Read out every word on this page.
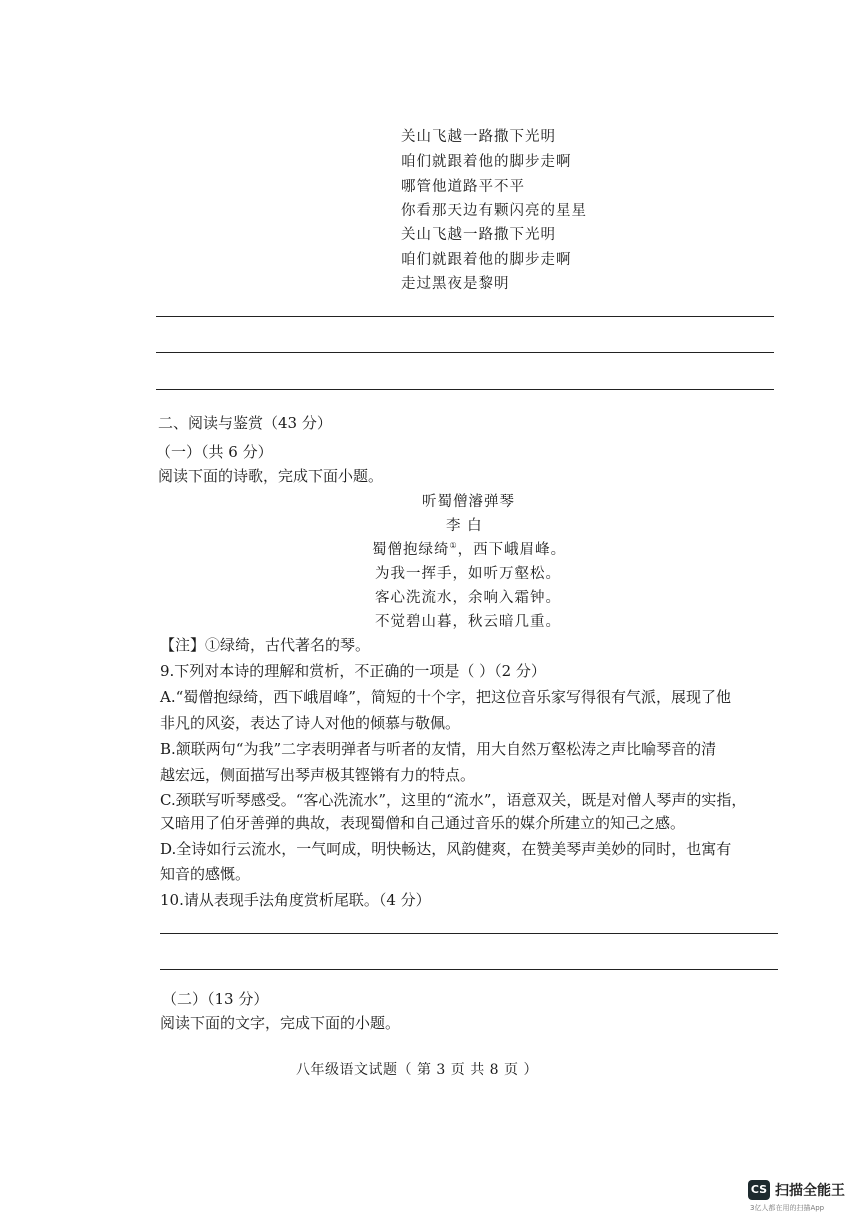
关山飞越一路撒下光明
咱们就跟着他的脚步走啊
哪管他道路平不平
你看那天边有颗闪亮的星星
关山飞越一路撒下光明
咱们就跟着他的脚步走啊
走过黑夜是黎明
二、阅读与鉴赏（43 分）
（一）（共 6 分）
阅读下面的诗歌，完成下面小题。
听蜀僧濬弹琴
李 白
蜀僧抱绿绮①，西下峨眉峰。
为我一挥手，如听万壑松。
客心洗流水，余响入霜钟。
不觉碧山暮，秋云暗几重。
【注】①绿绮，古代著名的琴。
9.下列对本诗的理解和赏析，不正确的一项是（ ）（2 分）
A.“蜀僧抱绿绮，西下峨眉峰”，简短的十个字，把这位音乐家写得很有气派，展现了他
非凡的风姿，表达了诗人对他的倾慕与敬佩。
B.颔联两句“为我”二字表明弹者与听者的友情，用大自然万壑松涛之声比喻琴音的清
越宏远，侧面描写出琴声极其铿锵有力的特点。
C.颈联写听琴感受。“客心洗流水”，这里的“流水”，语意双关，既是对僧人琴声的实指，
又暗用了伯牙善弹的典故，表现蜀僧和自己通过音乐的媒介所建立的知己之感。
D.全诗如行云流水，一气呵成，明快畅达，风韵健爽，在赞美琴声美妙的同时，也寓有
知音的感慨。
10.请从表现手法角度赏析尾联。（4 分）
（二）（13 分）
阅读下面的文字，完成下面的小题。
八年级语文试题（ 第 3 页 共 8 页 ）
CS 扫描全能王
3亿人都在用的扫描App
